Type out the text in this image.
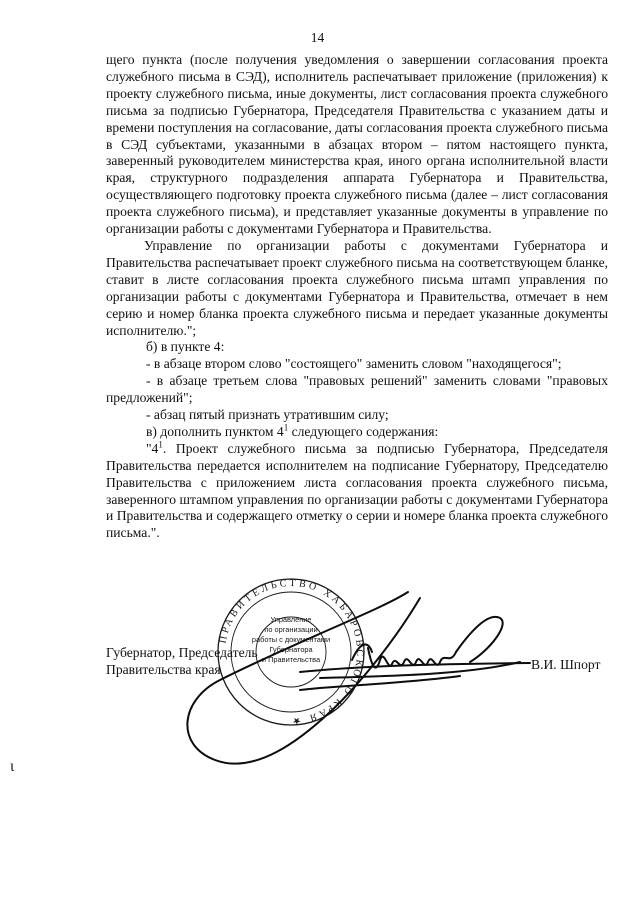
14

щего пункта (после получения уведомления о завершении согласования проекта служебного письма в СЭД), исполнитель распечатывает приложение (приложения) к проекту служебного письма, иные документы, лист согласования проекта служебного письма за подписью Губернатора, Председателя Правительства с указанием даты и времени поступления на согласование, даты согласования проекта служебного письма в СЭД субъектами, указанными в абзацах втором – пятом настоящего пункта, заверенный руководителем министерства края, иного органа исполнительной власти края, структурного подразделения аппарата Губернатора и Правительства, осуществляющего подготовку проекта служебного письма (далее – лист согласования проекта служебного письма), и представляет указанные документы в управление по организации работы с документами Губернатора и Правительства.

Управление по организации работы с документами Губернатора и Правительства распечатывает проект служебного письма на соответствующем бланке, ставит в листе согласования проекта служебного письма штамп управления по организации работы с документами Губернатора и Правительства, отмечает в нем серию и номер бланка проекта служебного письма и передает указанные документы исполнителю.";

б) в пункте 4:

- в абзаце втором слово "состоящего" заменить словом "находящегося";

- в абзаце третьем слова "правовых решений" заменить словами "правовых предложений";

- абзац пятый признать утратившим силу;

в) дополнить пунктом $4^1$ следующего содержания:

"$4^1$. Проект служебного письма за подписью Губернатора, Председателя Правительства передается исполнителем на подписание Губернатору, Председателю Правительства с приложением листа согласования проекта служебного письма, заверенного штампом управления по организации работы с документами Губернатора и Правительства и содержащего отметку о серии и номере бланка проекта служебного письма.".

Губернатор, Председатель
Правительства края	В.И. Шпорт
ПРАВИТЕЛЬСТВО ХАБАРОВСКОГО КРАЯ ★
Управление
по организации
работы с документами
Губернатора
и Правительства
ι
